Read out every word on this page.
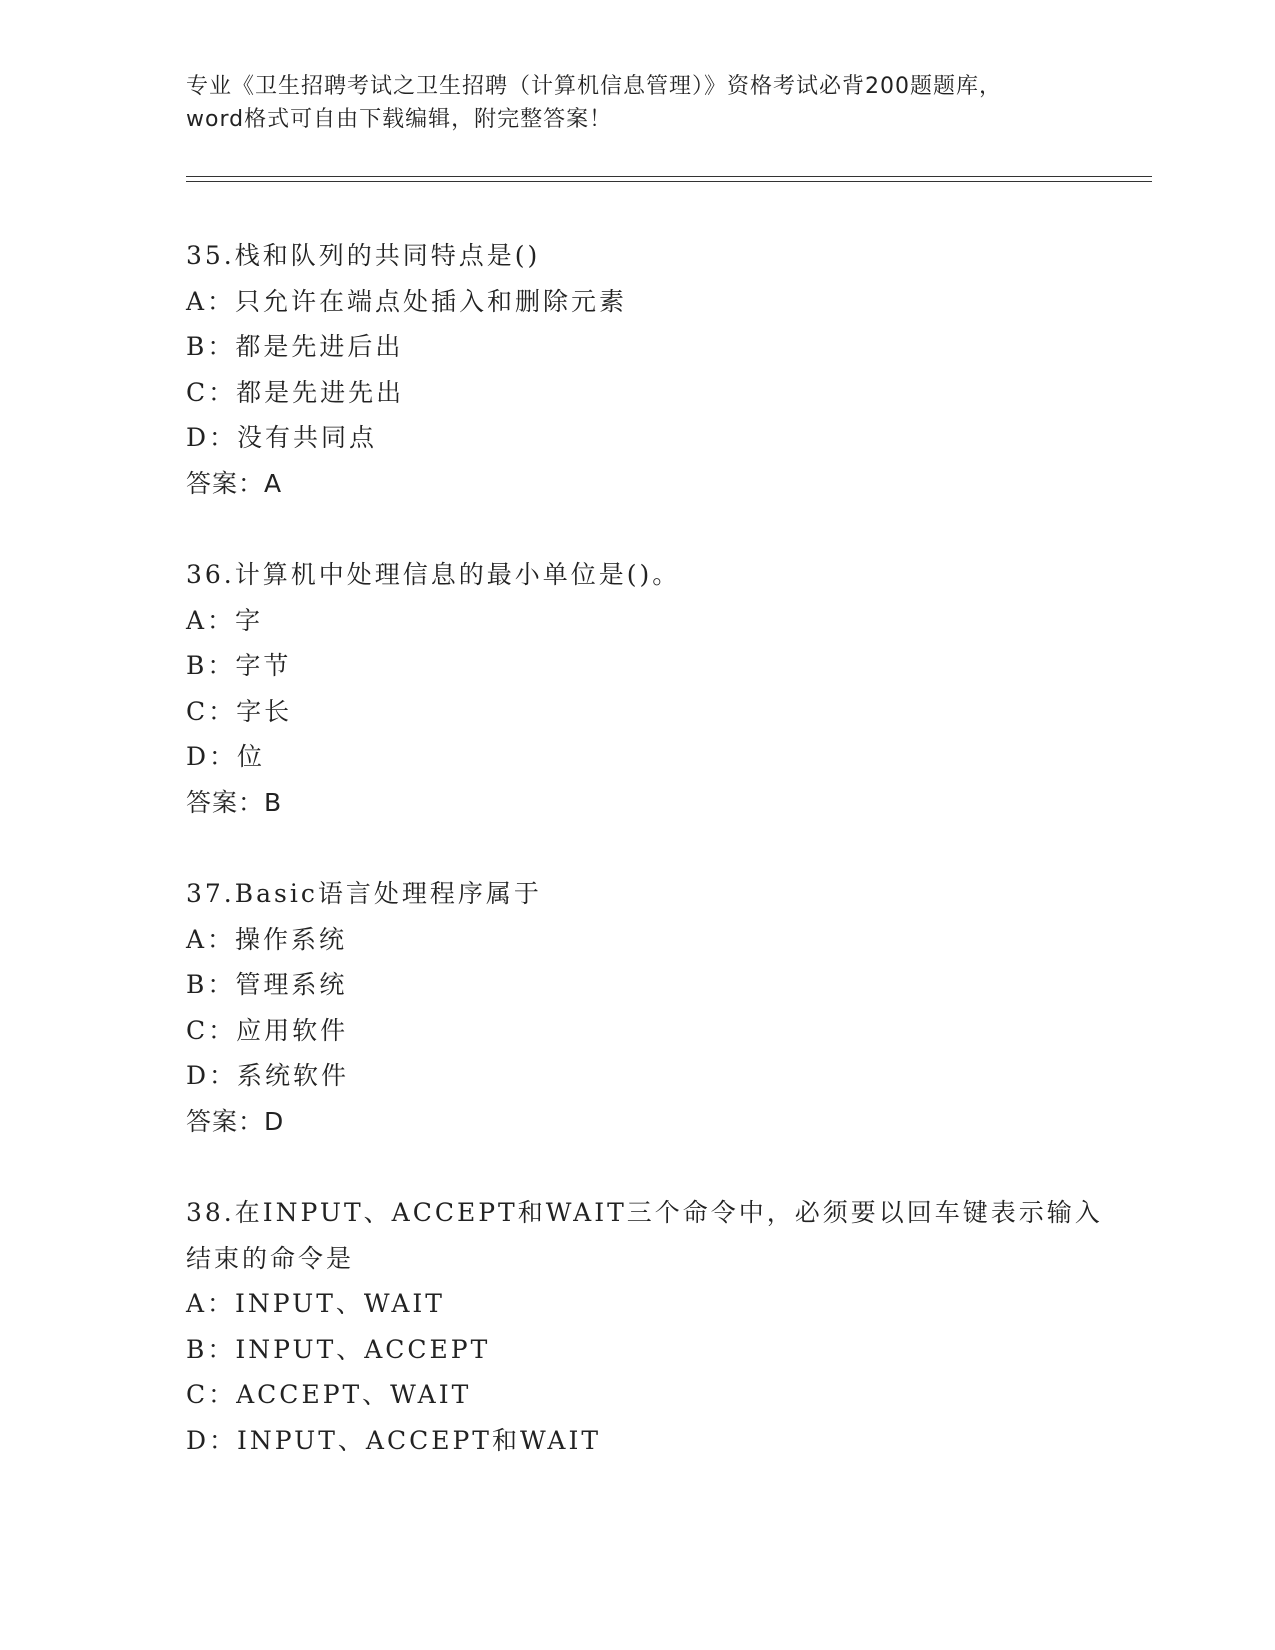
专业《卫生招聘考试之卫生招聘（计算机信息管理）》资格考试必背200题题库，
word格式可自由下载编辑，附完整答案！
35.栈和队列的共同特点是()
A：只允许在端点处插入和删除元素
B：都是先进后出
C：都是先进先出
D：没有共同点
答案：A
36.计算机中处理信息的最小单位是()。
A：字
B：字节
C：字长
D：位
答案：B
37.Basic语言处理程序属于
A：操作系统
B：管理系统
C：应用软件
D：系统软件
答案：D
38.在INPUT、ACCEPT和WAIT三个命令中，必须要以回车键表示输入
结束的命令是
A：INPUT、WAIT
B：INPUT、ACCEPT
C：ACCEPT、WAIT
D：INPUT、ACCEPT和WAIT
